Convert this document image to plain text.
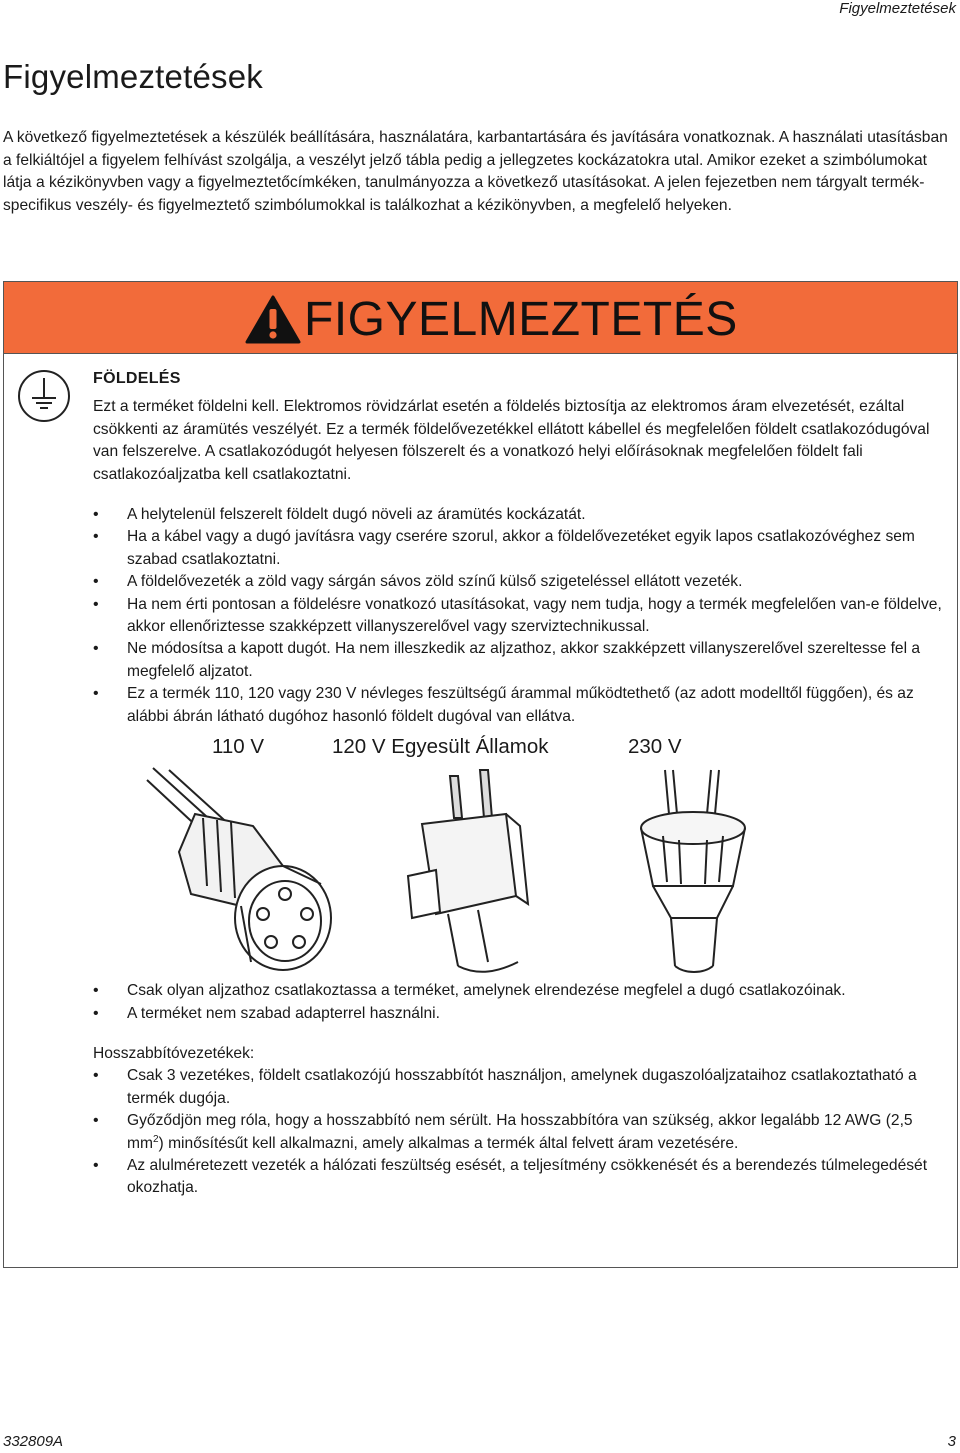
Figyelmeztetések
Figyelmeztetések

A következő figyelmeztetések a készülék beállítására, használatára, karbantartására és javítására vonatkoznak. A használati utasításban a felkiáltójel a figyelem felhívást szolgálja, a veszélyt jelző tábla pedig a jellegzetes kockázatokra utal. Amikor ezeket a szimbólumokat látja a kézikönyvben vagy a figyelmeztetőcímkéken, tanulmányozza a következő utasításokat. A jelen fejezetben nem tárgyalt termék-specifikus veszély- és figyelmeztető szimbólumokkal is találkozhat a kézikönyvben, a megfelelő helyeken.

FIGYELMEZTETÉS
FÖLDELÉS

Ezt a terméket földelni kell. Elektromos rövidzárlat esetén a földelés biztosítja az elektromos áram elvezetését, ezáltal csökkenti az áramütés veszélyét. Ez a termék földelővezetékkel ellátott kábellel és megfelelően földelt csatlakozódugóval van felszerelve. A csatlakozódugót helyesen fölszerelt és a vonatkozó helyi előírásoknak megfelelően földelt fali csatlakozóaljzatba kell csatlakoztatni.

• A helytelenül felszerelt földelt dugó növeli az áramütés kockázatát.
• Ha a kábel vagy a dugó javításra vagy cserére szorul, akkor a földelővezetéket egyik lapos csatlakozóvéghez sem szabad csatlakoztatni.
• A földelővezeték a zöld vagy sárgán sávos zöld színű külső szigeteléssel ellátott vezeték.
• Ha nem érti pontosan a földelésre vonatkozó utasításokat, vagy nem tudja, hogy a termék megfelelően van-e földelve, akkor ellenőriztesse szakképzett villanyszerelővel vagy szerviztechnikussal.
• Ne módosítsa a kapott dugót. Ha nem illeszkedik az aljzathoz, akkor szakképzett villanyszerelővel szereltesse fel a megfelelő aljzatot.
• Ez a termék 110, 120 vagy 230 V névleges feszültségű árammal működtethető (az adott modelltől függően), és az alábbi ábrán látható dugóhoz hasonló földelt dugóval van ellátva.
110 V	120 V Egyesült Államok	230 V
• Csak olyan aljzathoz csatlakoztassa a terméket, amelynek elrendezése megfelel a dugó csatlakozóinak.
• A terméket nem szabad adapterrel használni.
Hosszabbítóvezetékek:
• Csak 3 vezetékes, földelt csatlakozójú hosszabbítót használjon, amelynek dugaszolóaljzataihoz csatlakoztatható a termék dugója.
• Győződjön meg róla, hogy a hosszabbító nem sérült. Ha hosszabbítóra van szükség, akkor legalább 12 AWG (2,5 $mm^2$) minősítésűt kell alkalmazni, amely alkalmas a termék által felvett áram vezetésére.
• Az alulméretezett vezeték a hálózati feszültség esését, a teljesítmény csökkenését és a berendezés túlmelegedését okozhatja.
332809A	3
